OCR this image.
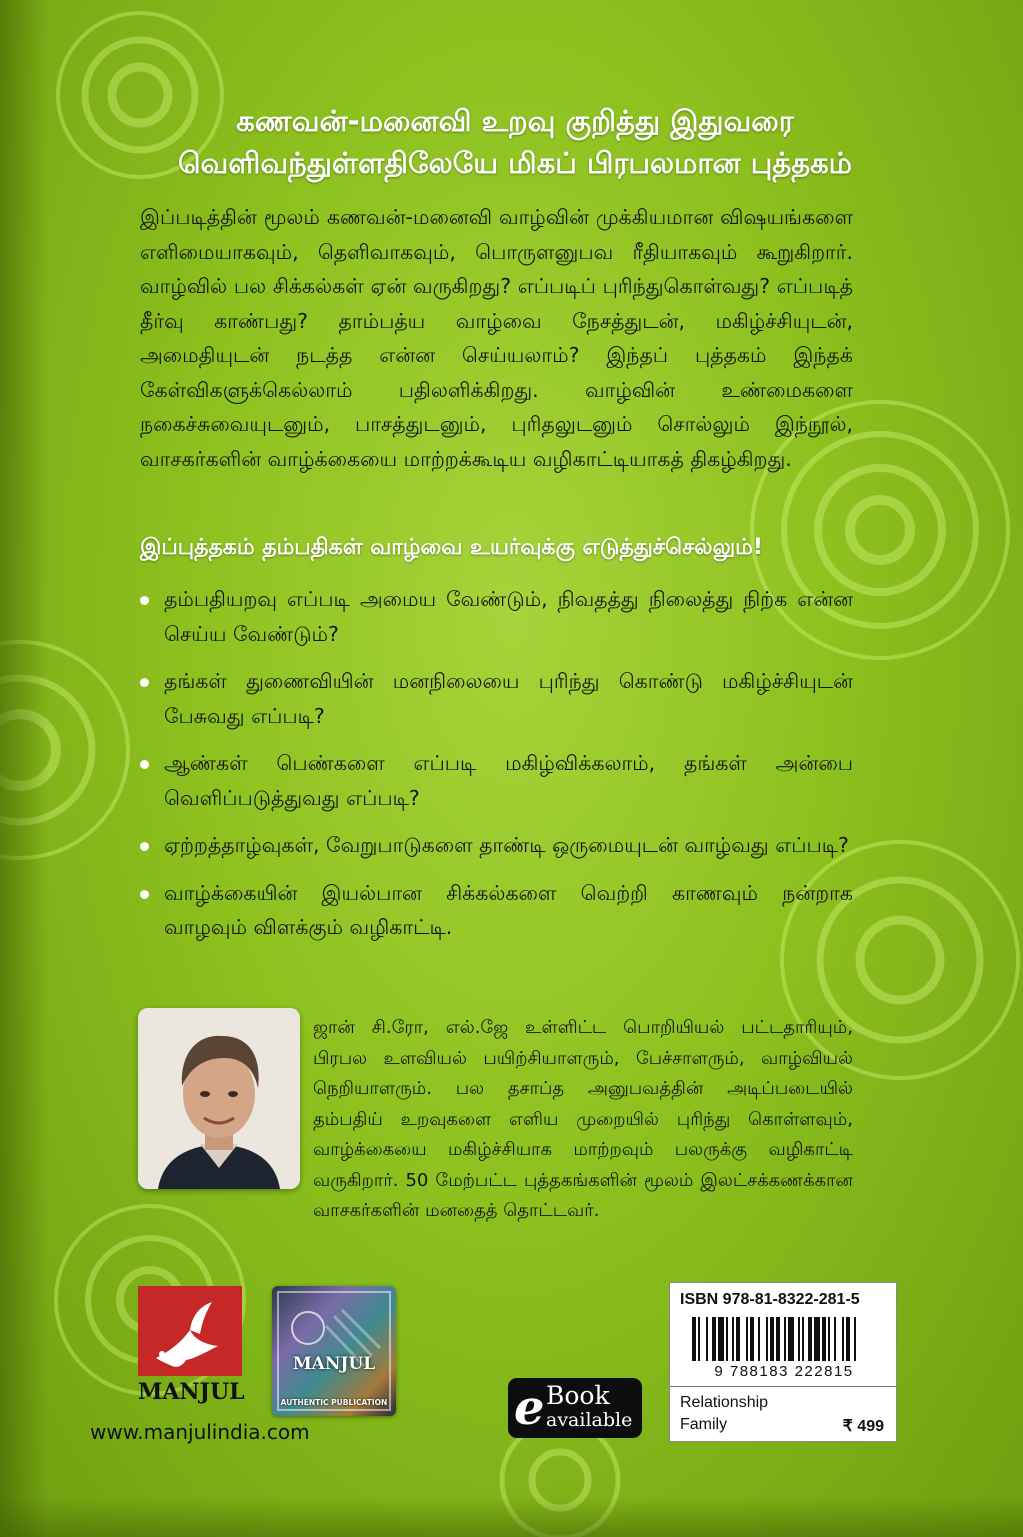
கணவன்-மனைவி உறவு குறித்து இதுவரை
வெளிவந்துள்ளதிலேயே மிகப் பிரபலமான புத்தகம்

இப்படித்தின் மூலம் கணவன்-மனைவி வாழ்வின் முக்கியமான விஷயங்களை எளிமையாகவும், தெளிவாகவும், பொருளனுபவ ரீதியாகவும் கூறுகிறார். வாழ்வில் பல சிக்கல்கள் ஏன் வருகிறது? எப்படிப் புரிந்துகொள்வது? எப்படித் தீர்வு காண்பது? தாம்பத்ய வாழ்வை நேசத்துடன், மகிழ்ச்சியுடன், அமைதியுடன் நடத்த என்ன செய்யலாம்? இந்தப் புத்தகம் இந்தக் கேள்விகளுக்கெல்லாம் பதிலளிக்கிறது. வாழ்வின் உண்மைகளை நகைச்சுவையுடனும், பாசத்துடனும், புரிதலுடனும் சொல்லும் இந்நூல், வாசகர்களின் வாழ்க்கையை மாற்றக்கூடிய வழிகாட்டியாகத் திகழ்கிறது.

இப்புத்தகம் தம்பதிகள் வாழ்வை உயர்வுக்கு எடுத்துச்செல்லும்!
தம்பதியறவு எப்படி அமைய வேண்டும், நிவதத்து நிலைத்து நிற்க என்ன செய்ய வேண்டும்?
தங்கள் துணைவியின் மனநிலையை புரிந்து கொண்டு மகிழ்ச்சியுடன் பேசுவது எப்படி?
ஆண்கள் பெண்களை எப்படி மகிழ்விக்கலாம், தங்கள் அன்பை வெளிப்படுத்துவது எப்படி?
ஏற்றத்தாழ்வுகள், வேறுபாடுகளை தாண்டி ஒருமையுடன் வாழ்வது எப்படி?
வாழ்க்கையின் இயல்பான சிக்கல்களை வெற்றி காணவும் நன்றாக வாழவும் விளக்கும் வழிகாட்டி.

ஜான் சி.ரோ, எல்.ஜே உள்ளிட்ட பொறியியல் பட்டதாரியும், பிரபல உளவியல் பயிற்சியாளரும், பேச்சாளரும், வாழ்வியல் நெறியாளரும். பல தசாப்த அனுபவத்தின் அடிப்படையில் தம்பதிய் உறவுகளை எளிய முறையில் புரிந்து கொள்ளவும், வாழ்க்கையை மகிழ்ச்சியாக மாற்றவும் பலருக்கு வழிகாட்டி வருகிறார். 50 மேற்பட்ட புத்தகங்களின் மூலம் இலட்சக்கணக்கான வாசகர்களின் மனதைத் தொட்டவர்.

MANJUL
MANJUL
AUTHENTIC PUBLICATION
www.manjulindia.com	e Book
available
ISBN 978-81-8322-281-5
9 788183 222815
Relationship
Family	₹ 499
